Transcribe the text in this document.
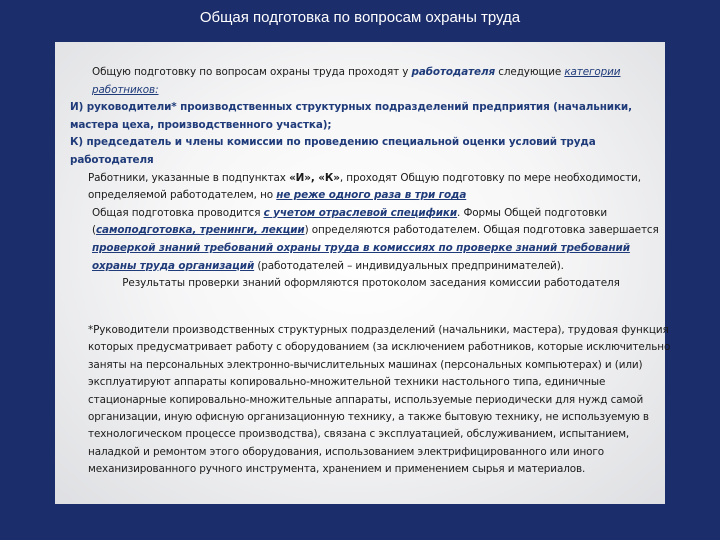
Общая подготовка по вопросам охраны труда

Общую подготовку по вопросам охраны труда проходят у работодателя следующие категории работников:

И) руководители* производственных структурных подразделений предприятия (начальники, мастера цеха, производственного участка);

К) председатель и члены комиссии по проведению специальной оценки условий труда работодателя

Работники, указанные в подпунктах «И», «К», проходят Общую подготовку по мере необходимости, определяемой работодателем, но не реже одного раза в три года

Общая подготовка проводится с учетом отраслевой специфики. Формы Общей подготовки (самоподготовка, тренинги, лекции) определяются работодателем. Общая подготовка завершается проверкой знаний требований охраны труда в комиссиях по проверке знаний требований охраны труда организаций (работодателей – индивидуальных предпринимателей).

Результаты проверки знаний оформляются протоколом заседания комиссии работодателя

*Руководители производственных структурных подразделений (начальники, мастера), трудовая функция которых предусматривает работу с оборудованием (за исключением работников, которые исключительно заняты на персональных электронно-вычислительных машинах (персональных компьютерах) и (или) эксплуатируют аппараты копировально-множительной техники настольного типа, единичные стационарные копировально-множительные аппараты, используемые периодически для нужд самой организации, иную офисную организационную технику, а также бытовую технику, не используемую в технологическом процессе производства), связана с эксплуатацией, обслуживанием, испытанием, наладкой и ремонтом этого оборудования, использованием электрифицированного или иного механизированного ручного инструмента, хранением и применением сырья и материалов.
